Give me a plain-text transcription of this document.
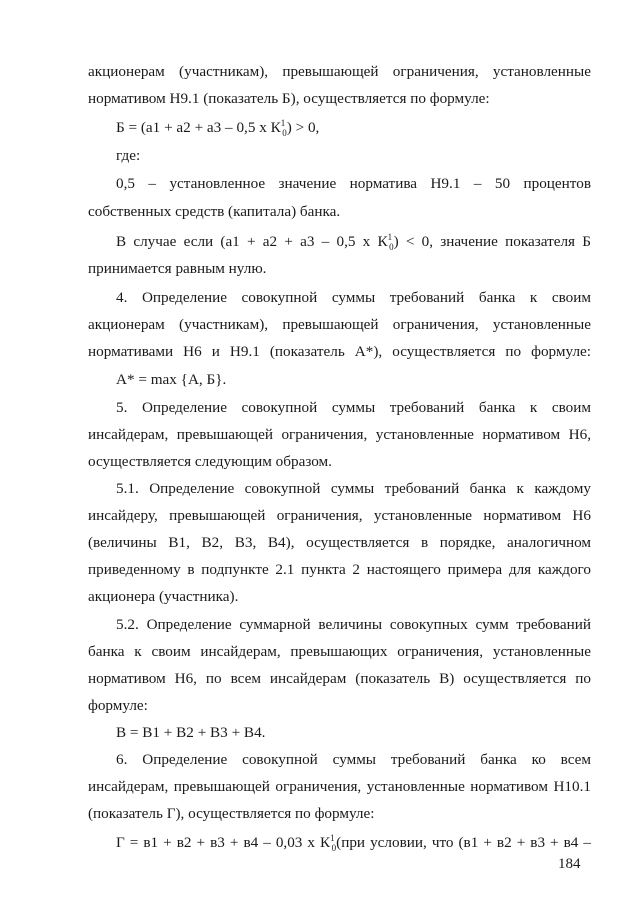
акционерам (участникам), превышающей ограничения, установленные
нормативом Н9.1 (показатель Б), осуществляется по формуле:
Б = (а1 + а2 + а3 – 0,5 х $К^1_0) > 0$,
где:
0,5 – установленное значение норматива Н9.1 – 50 процентов
собственных средств (капитала) банка.
В случае если (а1 + а2 + а3 – 0,5 х $К^1_0) < 0$, значение показателя Б
принимается равным нулю.
4. Определение совокупной суммы требований банка к своим
акционерам (участникам), превышающей ограничения, установленные
нормативами Н6 и Н9.1 (показатель А*), осуществляется по формуле:
А* = max {А, Б}.
5. Определение совокупной суммы требований банка к своим
инсайдерам, превышающей ограничения, установленные нормативом Н6,
осуществляется следующим образом.
5.1. Определение совокупной суммы требований банка к каждому
инсайдеру, превышающей ограничения, установленные нормативом Н6
(величины В1, В2, В3, В4), осуществляется в порядке, аналогичном
приведенному в подпункте 2.1 пункта 2 настоящего примера для каждого
акционера (участника).
5.2. Определение суммарной величины совокупных сумм требований
банка к своим инсайдерам, превышающих ограничения, установленные
нормативом Н6, по всем инсайдерам (показатель В) осуществляется по
формуле:
В = В1 + В2 + В3 + В4.
6. Определение совокупной суммы требований банка ко всем
инсайдерам, превышающей ограничения, установленные нормативом Н10.1
(показатель Г), осуществляется по формуле:
Г = в1 + в2 + в3 + в4 – 0,03 х $К^1_0(при$ условии, что (в1 + в2 + в3 + в4 –
184
